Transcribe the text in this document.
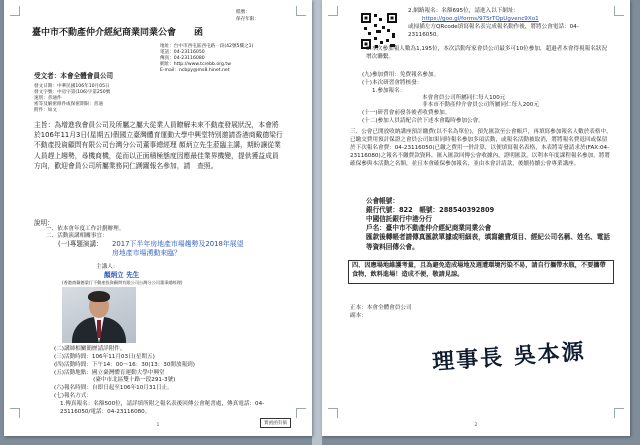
檔號：
保存年限：
臺中市不動產仲介經紀商業同業公會　　函
地址：台中市西屯區西屯路一段(42號5樓之1)
電話：04-23116050
傳真：04-23116080
網址：http://www.tcrebb.org.tw
E-mail：ncbpy@ms8.hinet.net
受文者：本會全體會員公司
發文日期：中華民國106年10月05日
發文字號：中房字第(106)字第250號
速別：普通件
密等及解密條件或保密期限：普通
附件：如文
主旨：為增進我會員公司及所屬之屬大從業人員瞭解未來不動產發展狀況，本會將於106年11月3日(星期五)假國立臺灣體育運動大學中興堂特別邀請香港商戴德梁行不動產投資顧問有限公司台灣分公司董事總經理 顏炳立先生蒞臨主講，期盼讓從業人員趕上趨勢，尋機商機，從而以正面積極態度因應最佳業界機變，提供獲益成員方向，歡迎會員公司所屬業務同仁踴躍報名參加，請　查照。
說明：
一、依本會年度工作計劃辦理。
二、活動演講相關事宜：
(一)專題演講： 2017下半年房地產市場趨勢及2018年展望
房地產市場湧動來臨？
主講人：
顏炳立 先生
(香港商戴德梁行不動產投資顧問有限公司台灣分公司董事總經理)
(二)講師相關簡歷請詳附件。
(三)活動時間：106年11月03日(星期五)
(四)活動時間：下午14：00～16：30(13：30開放報到)
(五)活動地點：國立臺灣體育運動大學中興堂
　　　　　　　(臺中市北區雙十路一段291-3號)
(六)報名時間：自即日起至106年10月31日止。
(七)報名方式：
1.傳真報名：名額500位，請詳填所附之報名表後回傳公會秘書處，傳真電話：04-23116050/電話：04-23116080。
實函函有搞
1
2.網路報名：名額695位，請進入以下網址：
https://goo.gl/forms/97SrTQpUgvenc9Xo1
或掃描左方QRcode填寫報名表完成報名動作後，將將公會電話：04-23116050。
3.本次參加報人數為1,195位，本次活動每家會員公司最多可10位參加，超過者本會得視報名狀況增次聯繫。
(九)參加費用：免費報名參加。
(十)本次研習會將核發：
1.參加報名：
本會會員公司所屬同仁每人100元
非本市不動產仲介會員公司所屬同仁每人200元
(十一)研習會前發各後者收費參加。
(十二)參加人員請配合於下述本會臨時參加公會。
三、公會已開放收納講座預計繳費(以不名為單位)，預先匯款至公會帳戶，再填寫參加報名人數於表格中，已繳交費用預計保證之會員公司如果同時報名參加多項活動，或報名活動被取消，將將報名費退回或保留於下次報名會費：04-23116050(已繳之費用一併計算，以便填寫報名表格，本表將寄發請求於(FAX:04-23116080)之報名不繳費款資料，匯入匯款回傳公會收據內，證明匯款，以利本年度課程報名參加，將將確保參與本活動之名額，並且本會確保參加報名，並由本會計請款，後續持續公會專業講座。
公會帳號：
銀行代號：822　帳號：288540392809
中國信託銀行中港分行
戶名：臺中市不動產仲介經紀商業同業公會
匯款後轉帳者請傳真匯款單據或明細表，填寫繳費項目、經紀公司名稱、姓名、電話等資料回傳公會。
四、因應場地維護考量，且為避免造成場地及週遭環境污染不易，請自行攜帶水瓶，不要攜帶食物，飲料進場！造成不便，敬請見諒。
正本：本會全體會員公司
副本：
理事長 吳本源
2
